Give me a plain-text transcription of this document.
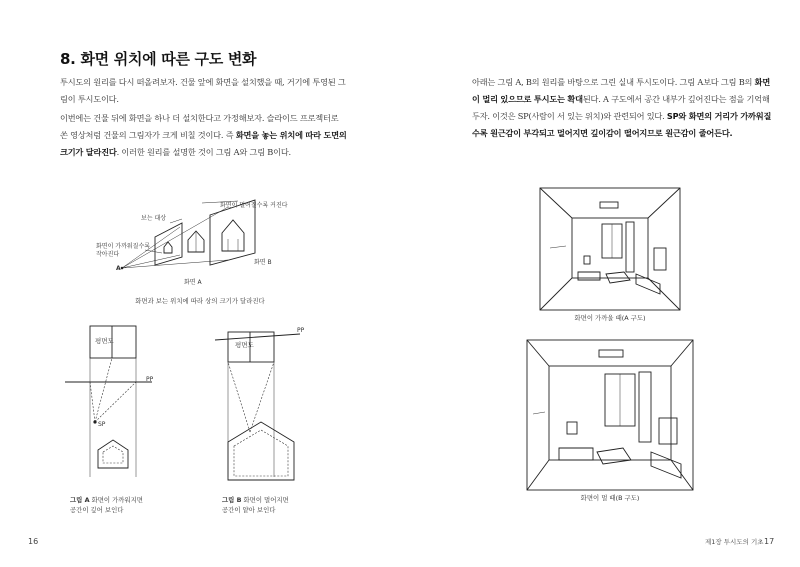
8. 화면 위치에 따른 구도 변화
투시도의 원리를 다시 떠올려보자. 건물 앞에 화면을 설치했을 때, 거기에 투영된 그림이 투시도이다.
이번에는 건물 뒤에 화면을 하나 더 설치한다고 가정해보자. 슬라이드 프로젝터로 쏜 영상처럼 건물의 그림자가 크게 비칠 것이다. 즉 화면을 놓는 위치에 따라 도면의 크기가 달라진다. 이러한 원리를 설명한 것이 그림 A와 그림 B이다.
화면이 멀어질수록 커진다
보는 대상
화면이 가까워질수록 작아진다
A
화면 A
화면 B
화면과 보는 위치에 따라 상의 크기가 달라진다
평면도
PP
SP
그림 A 화면이 가까워지면
공간이 깊어 보인다
평면도
PP
그림 B 화면이 멀어지면
공간이 얕아 보인다
16
아래는 그림 A, B의 원리를 바탕으로 그린 실내 투시도이다. 그림 A보다 그림 B의 화면이 멀리 있으므로 투시도는 확대된다. A 구도에서 공간 내부가 깊어진다는 점을 기억해두자. 이것은 SP(사람이 서 있는 위치)와 관련되어 있다. SP와 화면의 거리가 가까워질수록 원근감이 부각되고 멀어지면 깊이감이 떨어지므로 원근감이 줄어든다.
화면이 가까울 때(A 구도)
화면이 멀 때(B 구도)
제1장 투시도의 기초 17
